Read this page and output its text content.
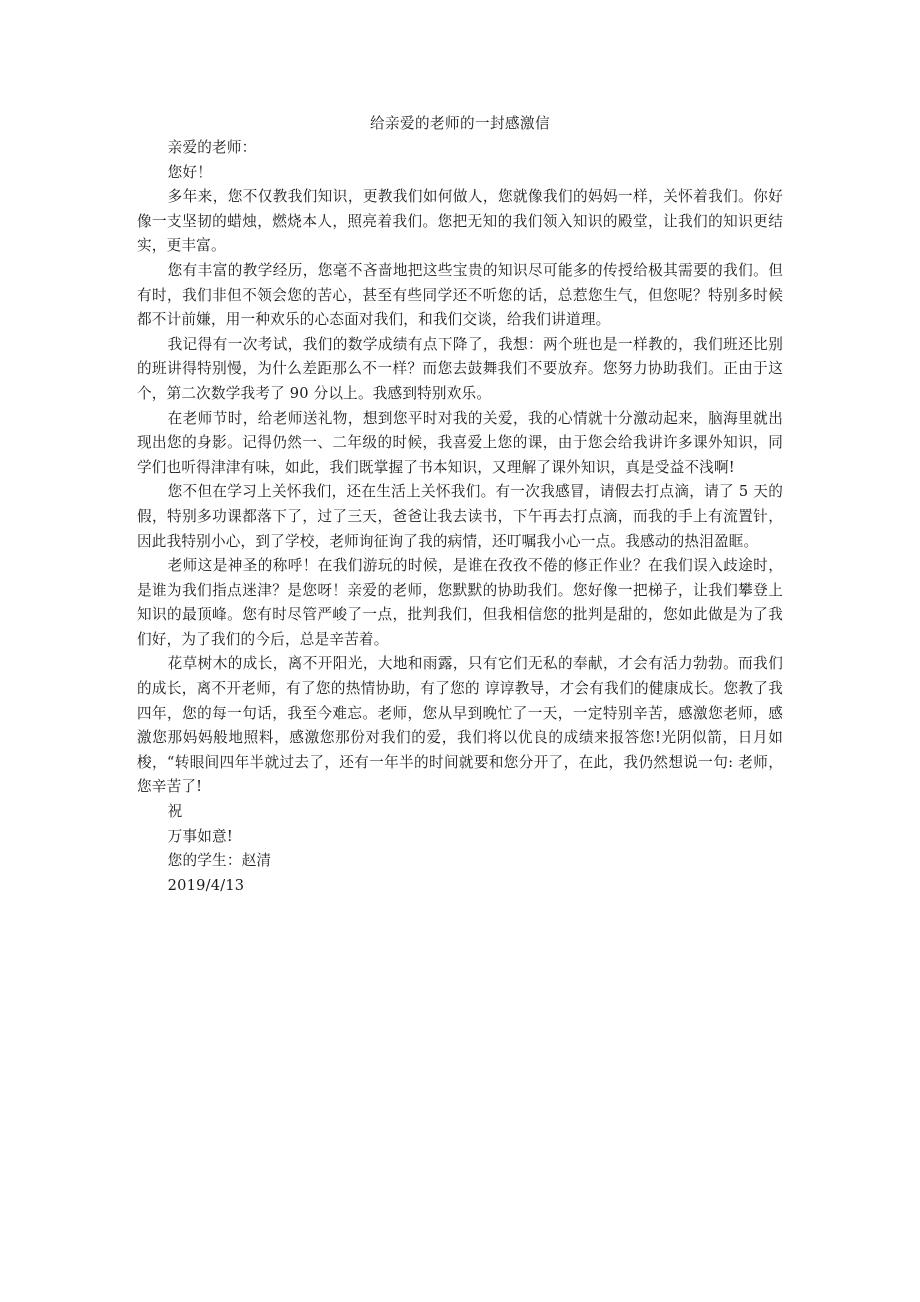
给亲爱的老师的一封感激信

亲爱的老师：

您好！

多年来，您不仅教我们知识，更教我们如何做人，您就像我们的妈妈一样，关怀着我们。你好像一支坚韧的蜡烛，燃烧本人，照亮着我们。您把无知的我们领入知识的殿堂，让我们的知识更结实，更丰富。

您有丰富的教学经历，您毫不吝啬地把这些宝贵的知识尽可能多的传授给极其需要的我们。但有时，我们非但不领会您的苦心，甚至有些同学还不听您的话，总惹您生气，但您呢？特别多时候都不计前嫌，用一种欢乐的心态面对我们，和我们交谈，给我们讲道理。

我记得有一次考试，我们的数学成绩有点下降了，我想：两个班也是一样教的，我们班还比别的班讲得特别慢，为什么差距那么不一样？而您去鼓舞我们不要放弃。您努力协助我们。正由于这个，第二次数学我考了 90 分以上。我感到特别欢乐。

在老师节时，给老师送礼物，想到您平时对我的关爱，我的心情就十分激动起来，脑海里就出现出您的身影。记得仍然一、二年级的时候，我喜爱上您的课，由于您会给我讲许多课外知识，同学们也听得津津有味，如此，我们既掌握了书本知识，又理解了课外知识，真是受益不浅啊!

您不但在学习上关怀我们，还在生活上关怀我们。有一次我感冒，请假去打点滴，请了 5 天的假，特别多功课都落下了，过了三天，爸爸让我去读书，下午再去打点滴，而我的手上有流置针，因此我特别小心，到了学校，老师询征询了我的病情，还叮嘱我小心一点。我感动的热泪盈眶。

老师这是神圣的称呼！在我们游玩的时候，是谁在孜孜不倦的修正作业？在我们误入歧途时，是谁为我们指点迷津？是您呀！亲爱的老师，您默默的协助我们。您好像一把梯子，让我们攀登上知识的最顶峰。您有时尽管严峻了一点，批判我们，但我相信您的批判是甜的，您如此做是为了我们好，为了我们的今后，总是辛苦着。

花草树木的成长，离不开阳光，大地和雨露，只有它们无私的奉献，才会有活力勃勃。而我们的成长，离不开老师，有了您的热情协助，有了您的 谆谆教导，才会有我们的健康成长。您教了我四年，您的每一句话，我至今难忘。老师，您从早到晚忙了一天，一定特别辛苦，感激您老师，感激您那妈妈般地照料，感激您那份对我们的爱，我们将以优良的成绩来报答您!光阴似箭，日月如梭，“转眼间四年半就过去了，还有一年半的时间就要和您分开了，在此，我仍然想说一句: 老师，您辛苦了!

祝

万事如意!

您的学生：赵清

2019/4/13
